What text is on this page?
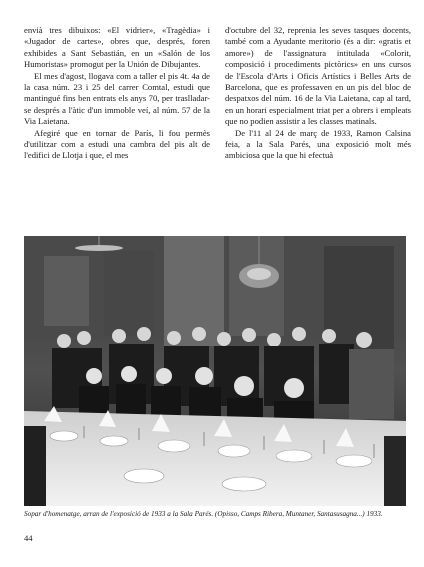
envià tres dibuixos: «El vidrier», «Tragèdia» i «Jugador de cartes», obres que, després, foren exhibides a Sant Sebastián, en un «Salón de los Humoristas» promogut per la Unión de Dibujantes.

El mes d'agost, llogava com a taller el pis 4t. 4a de la casa núm. 23 i 25 del carrer Comtal, estudi que mantingué fins ben entrats els anys 70, per traslladar-se després a l'àtic d'un immoble veí, al núm. 57 de la Via Laietana.

Afegiré que en tornar de París, li fou permès d'utilitzar com a estudi una cambra del pis alt de l'edifici de Llotja i que, el mes

d'octubre del 32, reprenia les seves tasques docents, també com a Ayudante meritorio (és a dir: «gratis et amore») de l'assignatura intitulada «Colorit, composició i procediments pictòrics» en uns cursos de l'Escola d'Arts i Oficis Artístics i Belles Arts de Barcelona, que es professaven en un pis del bloc de despatxos del núm. 16 de la Via Laietana, cap al tard, en un horari especialment triat per a obrers i empleats que no podien assistir a les classes matinals.

De l'11 al 24 de març de 1933, Ramon Calsina feia, a la Sala Parés, una exposició molt més ambiciosa que la que hi efectuà

Sopar d'homenatge, arran de l'exposició de 1933 a la Sala Parés. (Opisso, Camps Ribera, Muntaner, Santasusagna...) 1933.
44
